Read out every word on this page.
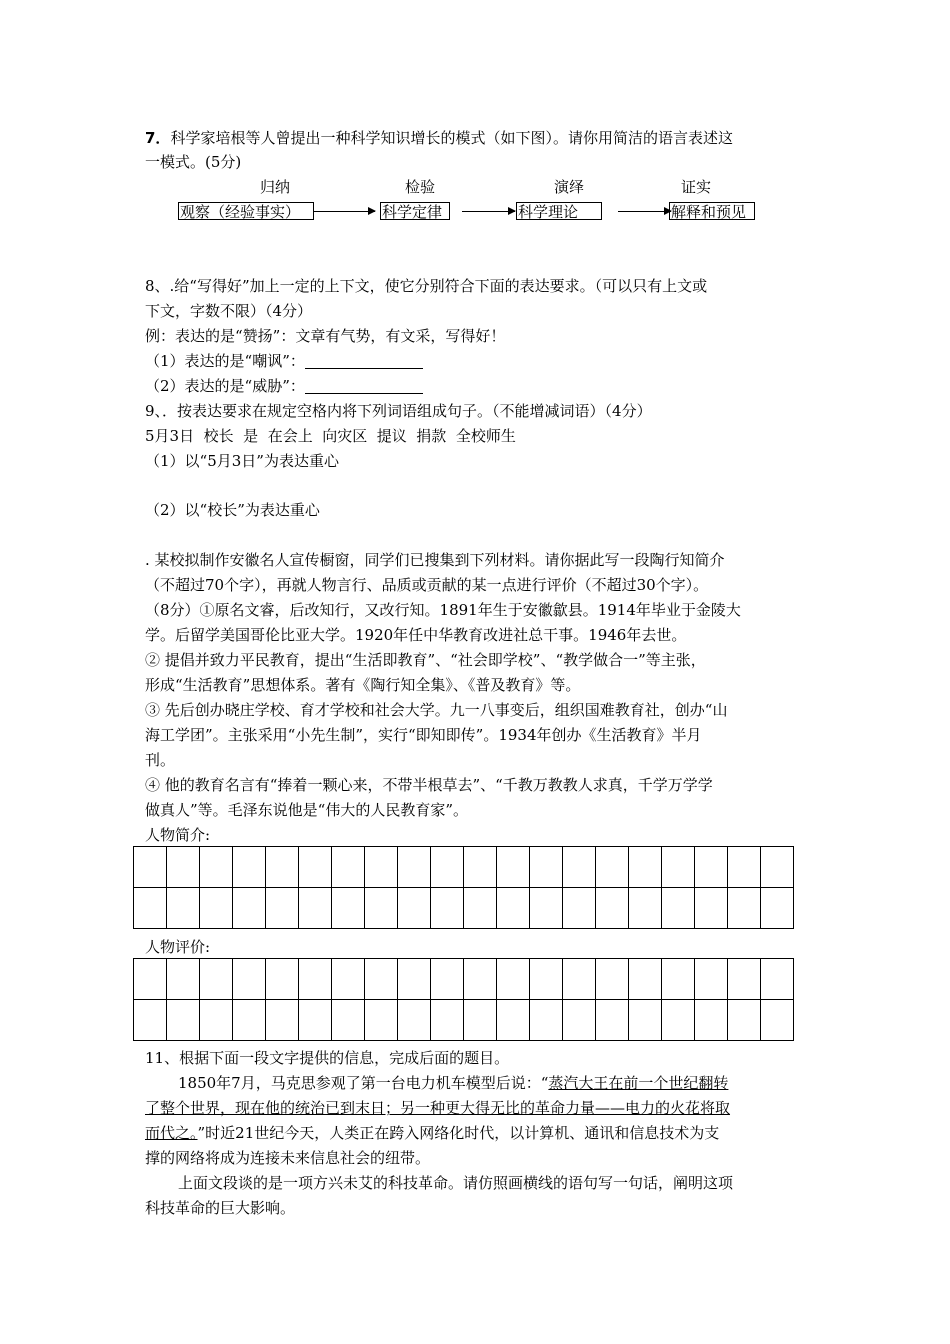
7．科学家培根等人曾提出一种科学知识增长的模式（如下图）。请你用简洁的语言表述这
一模式。(5分)
归纳	检验	演绎	证实
观察（经验事实）	科学定律	科学理论	解释和预见
8、.给“写得好”加上一定的上下文，使它分别符合下面的表达要求。（可以只有上文或
下文，字数不限）（4分）
例：表达的是“赞扬”：文章有气势，有文采，写得好！
（1）表达的是“嘲讽”：
（2）表达的是“威胁”：
9、．按表达要求在规定空格内将下列词语组成句子。（不能增减词语）（4分）
5月3日  校长  是  在会上  向灾区  提议  捐款  全校师生
（1）以“5月3日”为表达重心
（2）以“校长”为表达重心
. 某校拟制作安徽名人宣传橱窗，同学们已搜集到下列材料。请你据此写一段陶行知简介
（不超过70个字），再就人物言行、品质或贡献的某一点进行评价（不超过30个字）。
（8分）①原名文睿，后改知行，又改行知。1891年生于安徽歙县。1914年毕业于金陵大
学。后留学美国哥伦比亚大学。1920年任中华教育改进社总干事。1946年去世。
② 提倡并致力平民教育，提出“生活即教育”、“社会即学校”、“教学做合一”等主张，
形成“生活教育”思想体系。著有《陶行知全集》、《普及教育》等。
③ 先后创办晓庄学校、育才学校和社会大学。九一八事变后，组织国难教育社，创办“山
海工学团”。主张采用“小先生制”，实行“即知即传”。1934年创办《生活教育》半月
刊。
④ 他的教育名言有“捧着一颗心来，不带半根草去”、“千教万教教人求真，千学万学学
做真人”等。毛泽东说他是“伟大的人民教育家”。
人物简介:

人物评价:

11、根据下面一段文字提供的信息，完成后面的题目。
1850年7月，马克思参观了第一台电力机车模型后说：“蒸汽大王在前一个世纪翻转
了整个世界，现在他的统治已到末日；另一种更大得无比的革命力量——电力的火花将取
而代之。”时近21世纪今天，人类正在跨入网络化时代，以计算机、通讯和信息技术为支
撑的网络将成为连接未来信息社会的纽带。
上面文段谈的是一项方兴未艾的科技革命。请仿照画横线的语句写一句话，阐明这项
科技革命的巨大影响。
